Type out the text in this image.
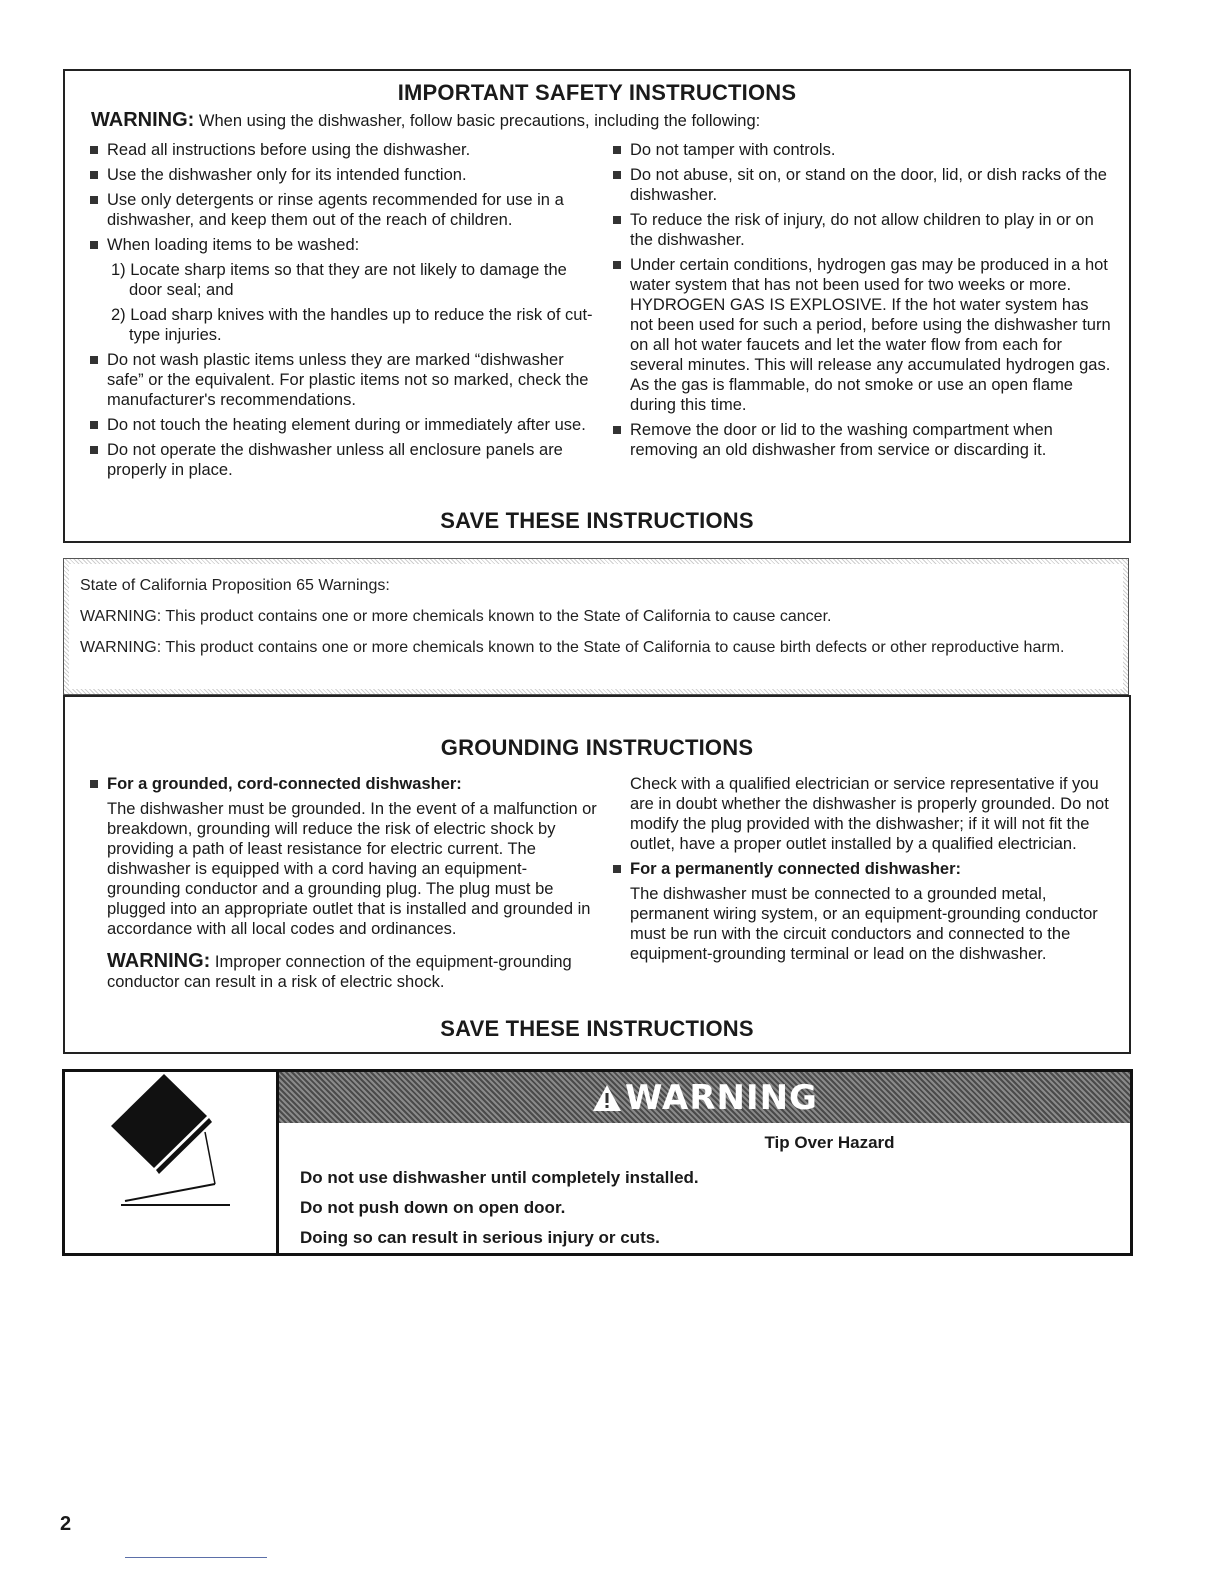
IMPORTANT SAFETY INSTRUCTIONS
WARNING: When using the dishwasher, follow basic precautions, including the following:

Read all instructions before using the dishwasher.

Use the dishwasher only for its intended function.

Use only detergents or rinse agents recommended for use in a dishwasher, and keep them out of the reach of children.

When loading items to be washed:

1) Locate sharp items so that they are not likely to damage the door seal; and

2) Load sharp knives with the handles up to reduce the risk of cut-type injuries.

Do not wash plastic items unless they are marked “dishwasher safe” or the equivalent. For plastic items not so marked, check the manufacturer's recommendations.

Do not touch the heating element during or immediately after use.

Do not operate the dishwasher unless all enclosure panels are properly in place.

Do not tamper with controls.

Do not abuse, sit on, or stand on the door, lid, or dish racks of the dishwasher.

To reduce the risk of injury, do not allow children to play in or on the dishwasher.

Under certain conditions, hydrogen gas may be produced in a hot water system that has not been used for two weeks or more. HYDROGEN GAS IS EXPLOSIVE. If the hot water system has not been used for such a period, before using the dishwasher turn on all hot water faucets and let the water flow from each for several minutes. This will release any accumulated hydrogen gas. As the gas is flammable, do not smoke or use an open flame during this time.

Remove the door or lid to the washing compartment when removing an old dishwasher from service or discarding it.

SAVE THESE INSTRUCTIONS

State of California Proposition 65 Warnings:

WARNING: This product contains one or more chemicals known to the State of California to cause cancer.

WARNING: This product contains one or more chemicals known to the State of California to cause birth defects or other reproductive harm.

GROUNDING INSTRUCTIONS

For a grounded, cord-connected dishwasher:

The dishwasher must be grounded. In the event of a malfunction or breakdown, grounding will reduce the risk of electric shock by providing a path of least resistance for electric current. The dishwasher is equipped with a cord having an equipment-grounding conductor and a grounding plug. The plug must be plugged into an appropriate outlet that is installed and grounded in accordance with all local codes and ordinances.

WARNING: Improper connection of the equipment-grounding conductor can result in a risk of electric shock.

Check with a qualified electrician or service representative if you are in doubt whether the dishwasher is properly grounded. Do not modify the plug provided with the dishwasher; if it will not fit the outlet, have a proper outlet installed by a qualified electrician.

For a permanently connected dishwasher:

The dishwasher must be connected to a grounded metal, permanent wiring system, or an equipment-grounding conductor must be run with the circuit conductors and connected to the equipment-grounding terminal or lead on the dishwasher.

SAVE THESE INSTRUCTIONS
WARNING
Tip Over Hazard
Do not use dishwasher until completely installed.
Do not push down on open door.
Doing so can result in serious injury or cuts.
2
